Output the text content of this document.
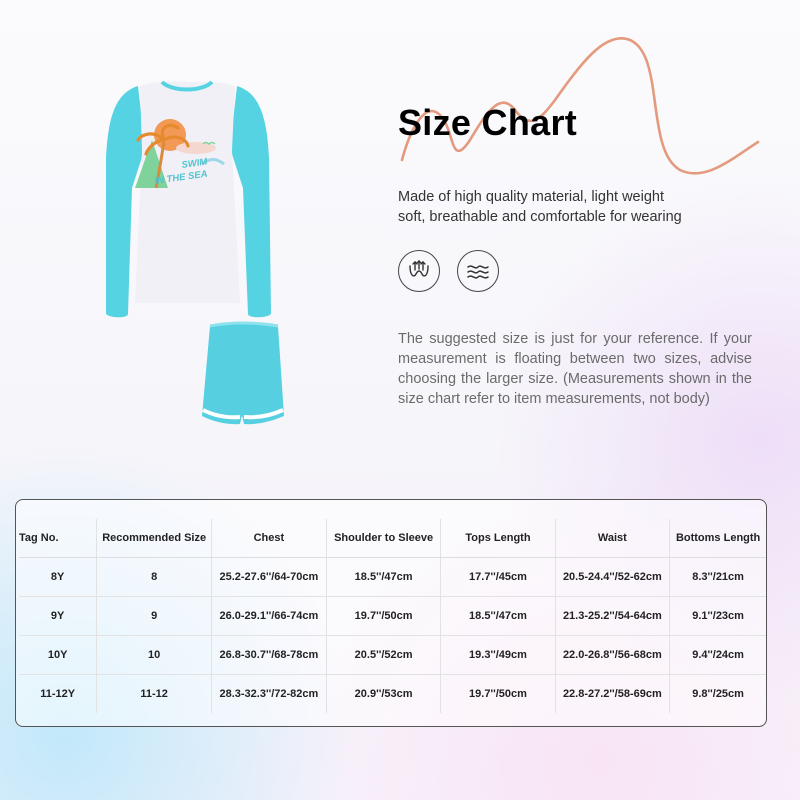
SWIM
IN THE SEA
Size Chart
Made of high quality material, light weight
soft, breathable and comfortable for wearing
The suggested size is just for your reference. If your measurement is floating between two sizes, advise choosing the larger size. (Measurements shown in the size chart refer to item measurements, not body)
Tag No.	Recommended Size	Chest	Shoulder to Sleeve	Tops Length	Waist	Bottoms Length
8Y	8	25.2-27.6''/64-70cm	18.5''/47cm	17.7''/45cm	20.5-24.4''/52-62cm	8.3''/21cm
9Y	9	26.0-29.1''/66-74cm	19.7''/50cm	18.5''/47cm	21.3-25.2''/54-64cm	9.1''/23cm
10Y	10	26.8-30.7''/68-78cm	20.5''/52cm	19.3''/49cm	22.0-26.8''/56-68cm	9.4''/24cm
11-12Y	11-12	28.3-32.3''/72-82cm	20.9''/53cm	19.7''/50cm	22.8-27.2''/58-69cm	9.8''/25cm
